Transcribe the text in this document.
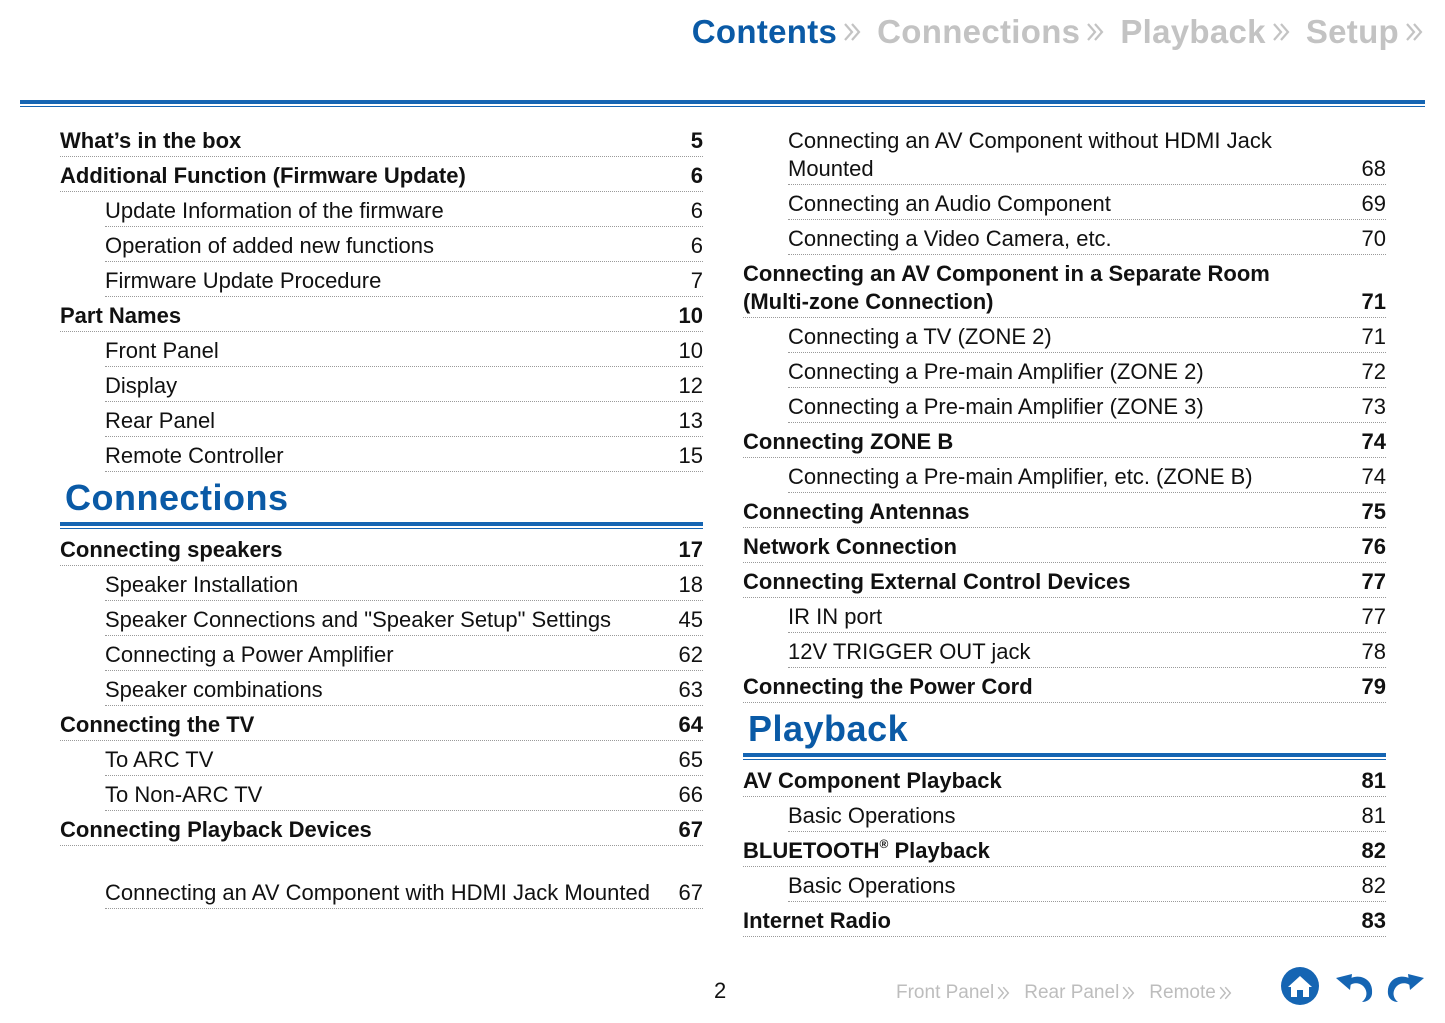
Contents Connections Playback Setup
What’s in the box	5
Additional Function (Firmware Update)	6
Update Information of the firmware	6
Operation of added new functions	6
Firmware Update Procedure	7
Part Names	10
Front Panel	10
Display	12
Rear Panel	13
Remote Controller	15
Connections
Connecting speakers	17
Speaker Installation	18
Speaker Connections and "Speaker Setup" Settings	45
Connecting a Power Amplifier	62
Speaker combinations	63
Connecting the TV	64
To ARC TV	65
To Non-ARC TV	66
Connecting Playback Devices	67
Connecting an AV Component with HDMI Jack Mounted	67
Connecting an AV Component without HDMI Jack Mounted	68
Connecting an Audio Component	69
Connecting a Video Camera, etc.	70
Connecting an AV Component in a Separate Room (Multi-zone Connection)	71
Connecting a TV (ZONE 2)	71
Connecting a Pre-main Amplifier (ZONE 2)	72
Connecting a Pre-main Amplifier (ZONE 3)	73
Connecting ZONE B	74
Connecting a Pre-main Amplifier, etc. (ZONE B)	74
Connecting Antennas	75
Network Connection	76
Connecting External Control Devices	77
IR IN port	77
12V TRIGGER OUT jack	78
Connecting the Power Cord	79
Playback
AV Component Playback	81
Basic Operations	81
BLUETOOTH® Playback	82
Basic Operations	82
Internet Radio	83
2	Front Panel Rear Panel Remote
